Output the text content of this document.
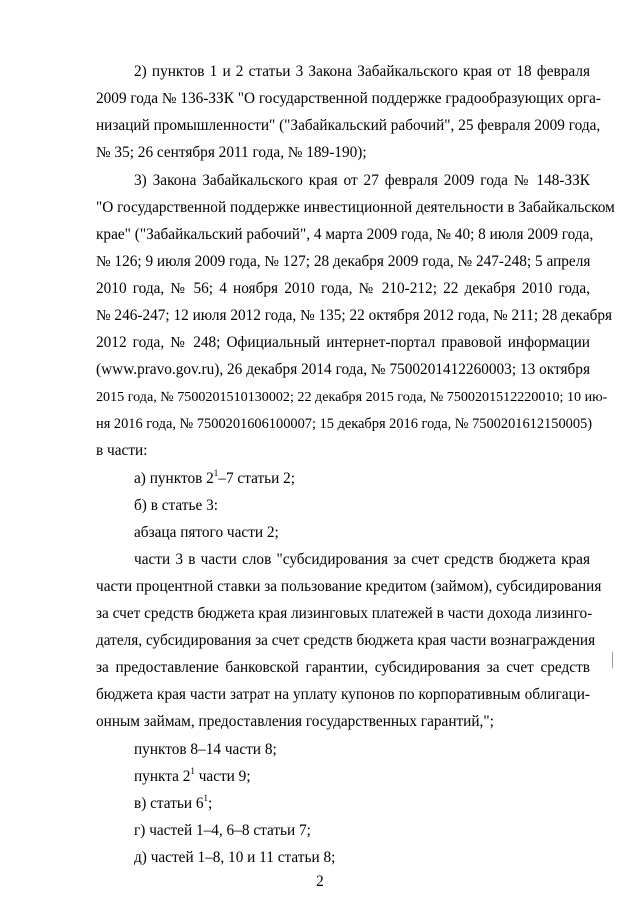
2) пунктов 1 и 2 статьи 3 Закона Забайкальского края от 18 февраля
2009 года № 136-ЗЗК "О государственной поддержке градообразующих орга-
низаций промышленности" ("Забайкальский рабочий", 25 февраля 2009 года,
№ 35; 26 сентября 2011 года, № 189-190);
3) Закона Забайкальского края от 27 февраля 2009 года № 148-ЗЗК
"О государственной поддержке инвестиционной деятельности в Забайкальском
крае" ("Забайкальский рабочий", 4 марта 2009 года, № 40; 8 июля 2009 года,
№ 126; 9 июля 2009 года, № 127; 28 декабря 2009 года, № 247-248; 5 апреля
2010 года, № 56; 4 ноября 2010 года, № 210-212; 22 декабря 2010 года,
№ 246-247; 12 июля 2012 года, № 135; 22 октября 2012 года, № 211; 28 декабря
2012 года, № 248; Официальный интернет-портал правовой информации
(www.pravo.gov.ru), 26 декабря 2014 года, № 7500201412260003; 13 октября
2015 года, № 7500201510130002; 22 декабря 2015 года, № 7500201512220010; 10 ию-
ня 2016 года, № 7500201606100007; 15 декабря 2016 года, № 7500201612150005)
в части:
а) пунктов $2^1-7$ статьи 2;
б) в статье 3:
абзаца пятого части 2;
части 3 в части слов "субсидирования за счет средств бюджета края
части процентной ставки за пользование кредитом (займом), субсидирования
за счет средств бюджета края лизинговых платежей в части дохода лизинго-
дателя, субсидирования за счет средств бюджета края части вознаграждения
за предоставление банковской гарантии, субсидирования за счет средств
бюджета края части затрат на уплату купонов по корпоративным облигаци-
онным займам, предоставления государственных гарантий,";
пунктов 8–14 части 8;
пункта $2^1$ части 9;
в) статьи $6^1$;
г) частей 1–4, 6–8 статьи 7;
д) частей 1–8, 10 и 11 статьи 8;
2
